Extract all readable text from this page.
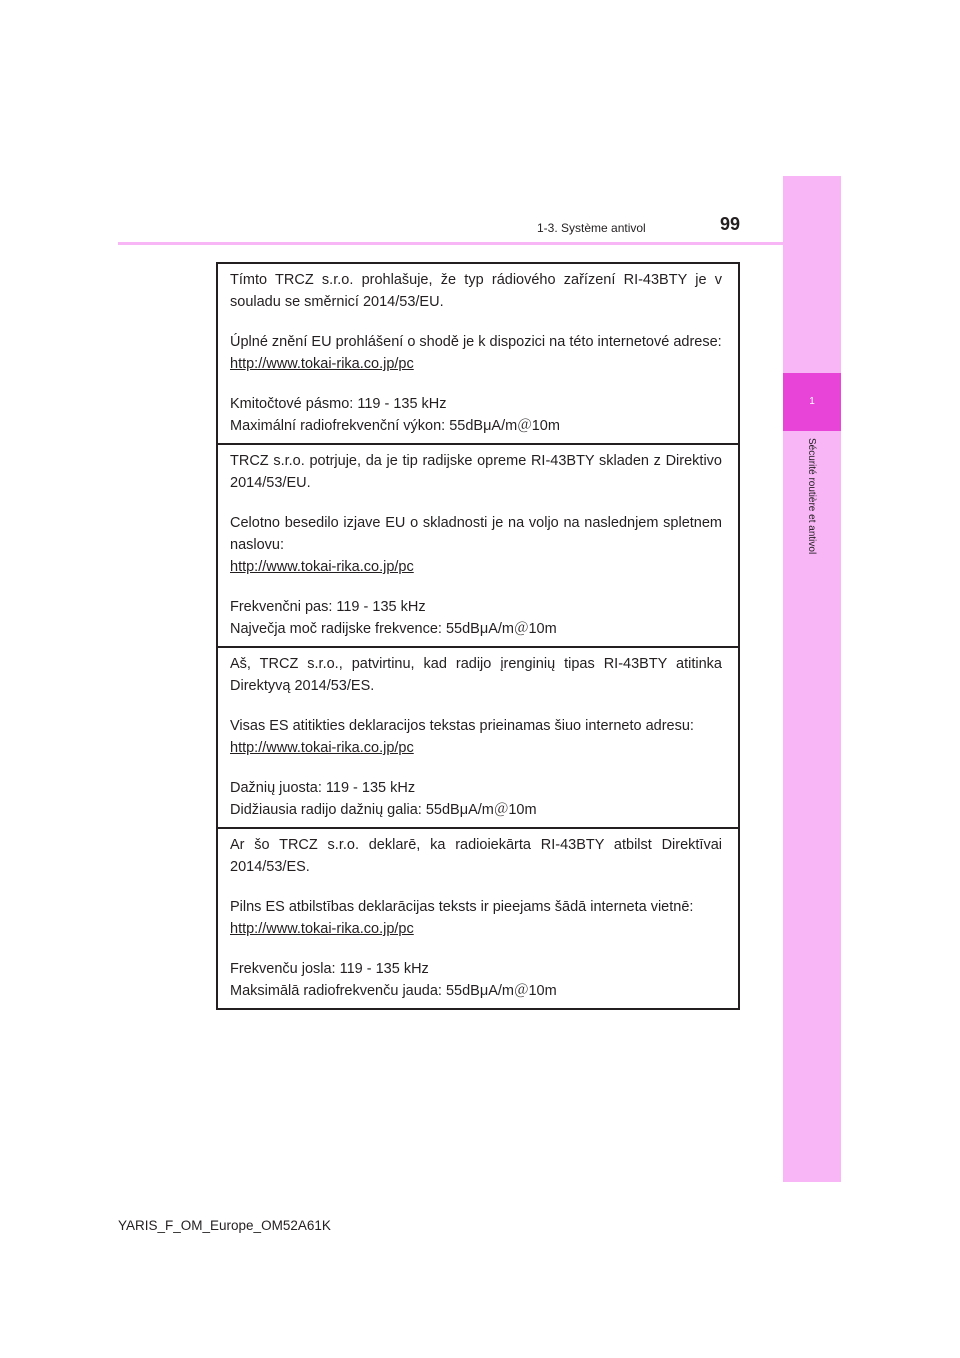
1
Sécurité routière et antivol
1-3. Système antivol	99

Tímto TRCZ s.r.o. prohlašuje, že typ rádiového zařízení RI-43BTY je v souladu se směrnicí 2014/53/EU.

Úplné znění EU prohlášení o shodě je k dispozici na této internetové adrese:

http://www.tokai-rika.co.jp/pc

Kmitočtové pásmo: 119 - 135 kHz

Maximální radiofrekvenční výkon: 55dBμA/m＠10m

TRCZ s.r.o. potrjuje, da je tip radijske opreme RI-43BTY skladen z Direktivo 2014/53/EU.

Celotno besedilo izjave EU o skladnosti je na voljo na naslednjem spletnem naslovu:

http://www.tokai-rika.co.jp/pc

Frekvenčni pas: 119 - 135 kHz

Največja moč radijske frekvence: 55dBμA/m＠10m

Aš, TRCZ s.r.o., patvirtinu, kad radijo įrenginių tipas RI-43BTY atitinka Direktyvą 2014/53/ES.

Visas ES atitikties deklaracijos tekstas prieinamas šiuo interneto adresu:

http://www.tokai-rika.co.jp/pc

Dažnių juosta: 119 - 135 kHz

Didžiausia radijo dažnių galia: 55dBμA/m＠10m

Ar šo TRCZ s.r.o. deklarē, ka radioiekārta RI-43BTY atbilst Direktīvai 2014/53/ES.

Pilns ES atbilstības deklarācijas teksts ir pieejams šādā interneta vietnē:

http://www.tokai-rika.co.jp/pc

Frekvenču josla: 119 - 135 kHz

Maksimālā radiofrekvenču jauda: 55dBμA/m＠10m

YARIS_F_OM_Europe_OM52A61K
